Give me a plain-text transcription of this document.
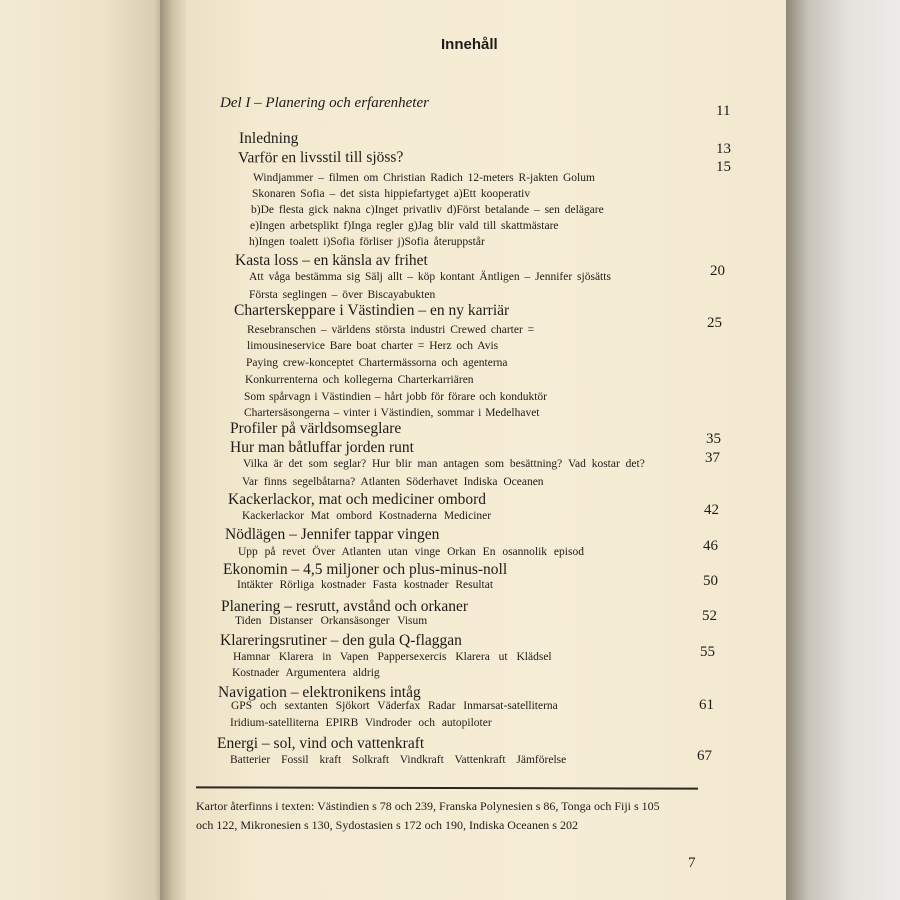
Innehåll
Del I – Planering och erfarenheter	11
Inledning
13
Varför en livsstil till sjöss?
15
Windjammer – filmen om Christian Radich 12-meters R-jakten Golum
Skonaren Sofia – det sista hippiefartyget a)Ett kooperativ
b)De flesta gick nakna c)Inget privatliv d)Först betalande – sen delägare
e)Ingen arbetsplikt f)Inga regler g)Jag blir vald till skattmästare
h)Ingen toalett i)Sofia förliser j)Sofia återuppstår
Kasta loss – en känsla av frihet
20
Att våga bestämma sig Sälj allt – köp kontant Äntligen – Jennifer sjösätts
Första seglingen – över Biscayabukten
Charterskeppare i Västindien – en ny karriär
25
Resebranschen – världens största industri Crewed charter =
limousineservice Bare boat charter = Herz och Avis
Paying crew-konceptet Chartermässorna och agenterna
Konkurrenterna och kollegerna Charterkarriären
Som spårvagn i Västindien – hårt jobb för förare och konduktör
Chartersäsongerna – vinter i Västindien, sommar i Medelhavet
Profiler på världsomseglare
35
Hur man båtluffar jorden runt
37
Vilka är det som seglar? Hur blir man antagen som besättning? Vad kostar det?
Var finns segelbåtarna? Atlanten Söderhavet Indiska Oceanen
Kackerlackor, mat och mediciner ombord
42
Kackerlackor Mat ombord Kostnaderna Mediciner
Nödlägen – Jennifer tappar vingen
46
Upp på revet Över Atlanten utan vinge Orkan En osannolik episod
Ekonomin – 4,5 miljoner och plus-minus-noll
50
Intäkter Rörliga kostnader Fasta kostnader Resultat
Planering – resrutt, avstånd och orkaner
52
Tiden Distanser Orkansäsonger Visum
Klareringsrutiner – den gula Q-flaggan
55
Hamnar Klarera in Vapen Pappersexercis Klarera ut Klädsel
Kostnader Argumentera aldrig
Navigation – elektronikens intåg
61
GPS och sextanten Sjökort Väderfax Radar Inmarsat-satelliterna
Iridium-satelliterna EPIRB Vindroder och autopiloter
Energi – sol, vind och vattenkraft
67
Batterier Fossil kraft Solkraft Vindkraft Vattenkraft Jämförelse
Kartor återfinns i texten: Västindien s 78 och 239, Franska Polynesien s 86, Tonga och Fiji s 105
och 122, Mikronesien s 130, Sydostasien s 172 och 190, Indiska Oceanen s 202
7
